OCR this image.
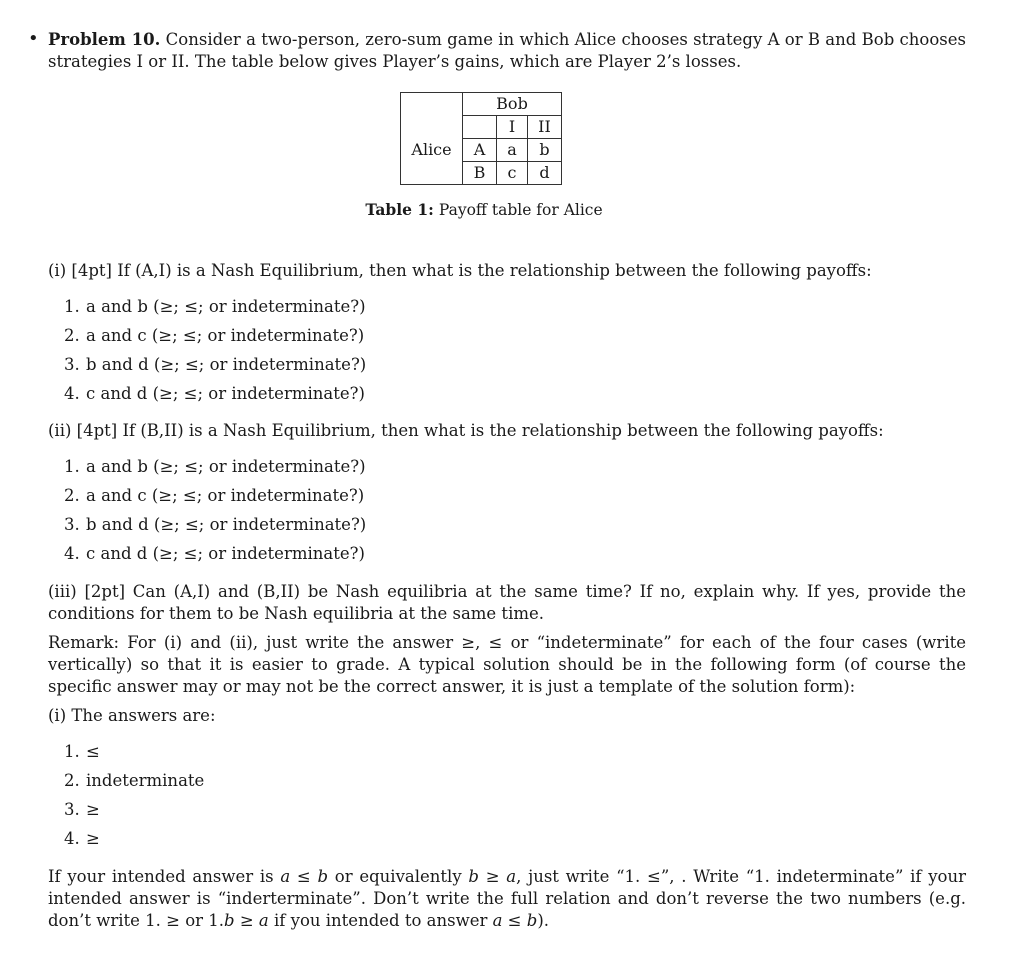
• Problem 10. Consider a two-person, zero-sum game in which Alice chooses strategy A or B and Bob chooses strategies I or II. The table below gives Player’s gains, which are Player 2’s losses.
	Bob		
		I	II
Alice	A	a	b
	B	c	d
Table 1: Payoff table for Alice
(i) [4pt] If (A,I) is a Nash Equilibrium, then what is the relationship between the following payoffs:
1. a and b (≥; ≤; or indeterminate?)
2. a and c (≥; ≤; or indeterminate?)
3. b and d (≥; ≤; or indeterminate?)
4. c and d (≥; ≤; or indeterminate?)
(ii) [4pt] If (B,II) is a Nash Equilibrium, then what is the relationship between the following payoffs:
1. a and b (≥; ≤; or indeterminate?)
2. a and c (≥; ≤; or indeterminate?)
3. b and d (≥; ≤; or indeterminate?)
4. c and d (≥; ≤; or indeterminate?)
(iii) [2pt] Can (A,I) and (B,II) be Nash equilibria at the same time? If no, explain why. If yes, provide the conditions for them to be Nash equilibria at the same time.
Remark: For (i) and (ii), just write the answer ≥, ≤ or “indeterminate” for each of the four cases (write vertically) so that it is easier to grade. A typical solution should be in the following form (of course the specific answer may or may not be the correct answer, it is just a template of the solution form):
(i) The answers are:
1. ≤
2. indeterminate
3. ≥
4. ≥
If your intended answer is a ≤ b or equivalently b ≥ a, just write “1. ≤”, . Write “1. indeterminate” if your intended answer is “inderterminate”. Don’t write the full relation and don’t reverse the two numbers (e.g. don’t write 1. ≥ or 1.b ≥ a if you intended to answer a ≤ b).
